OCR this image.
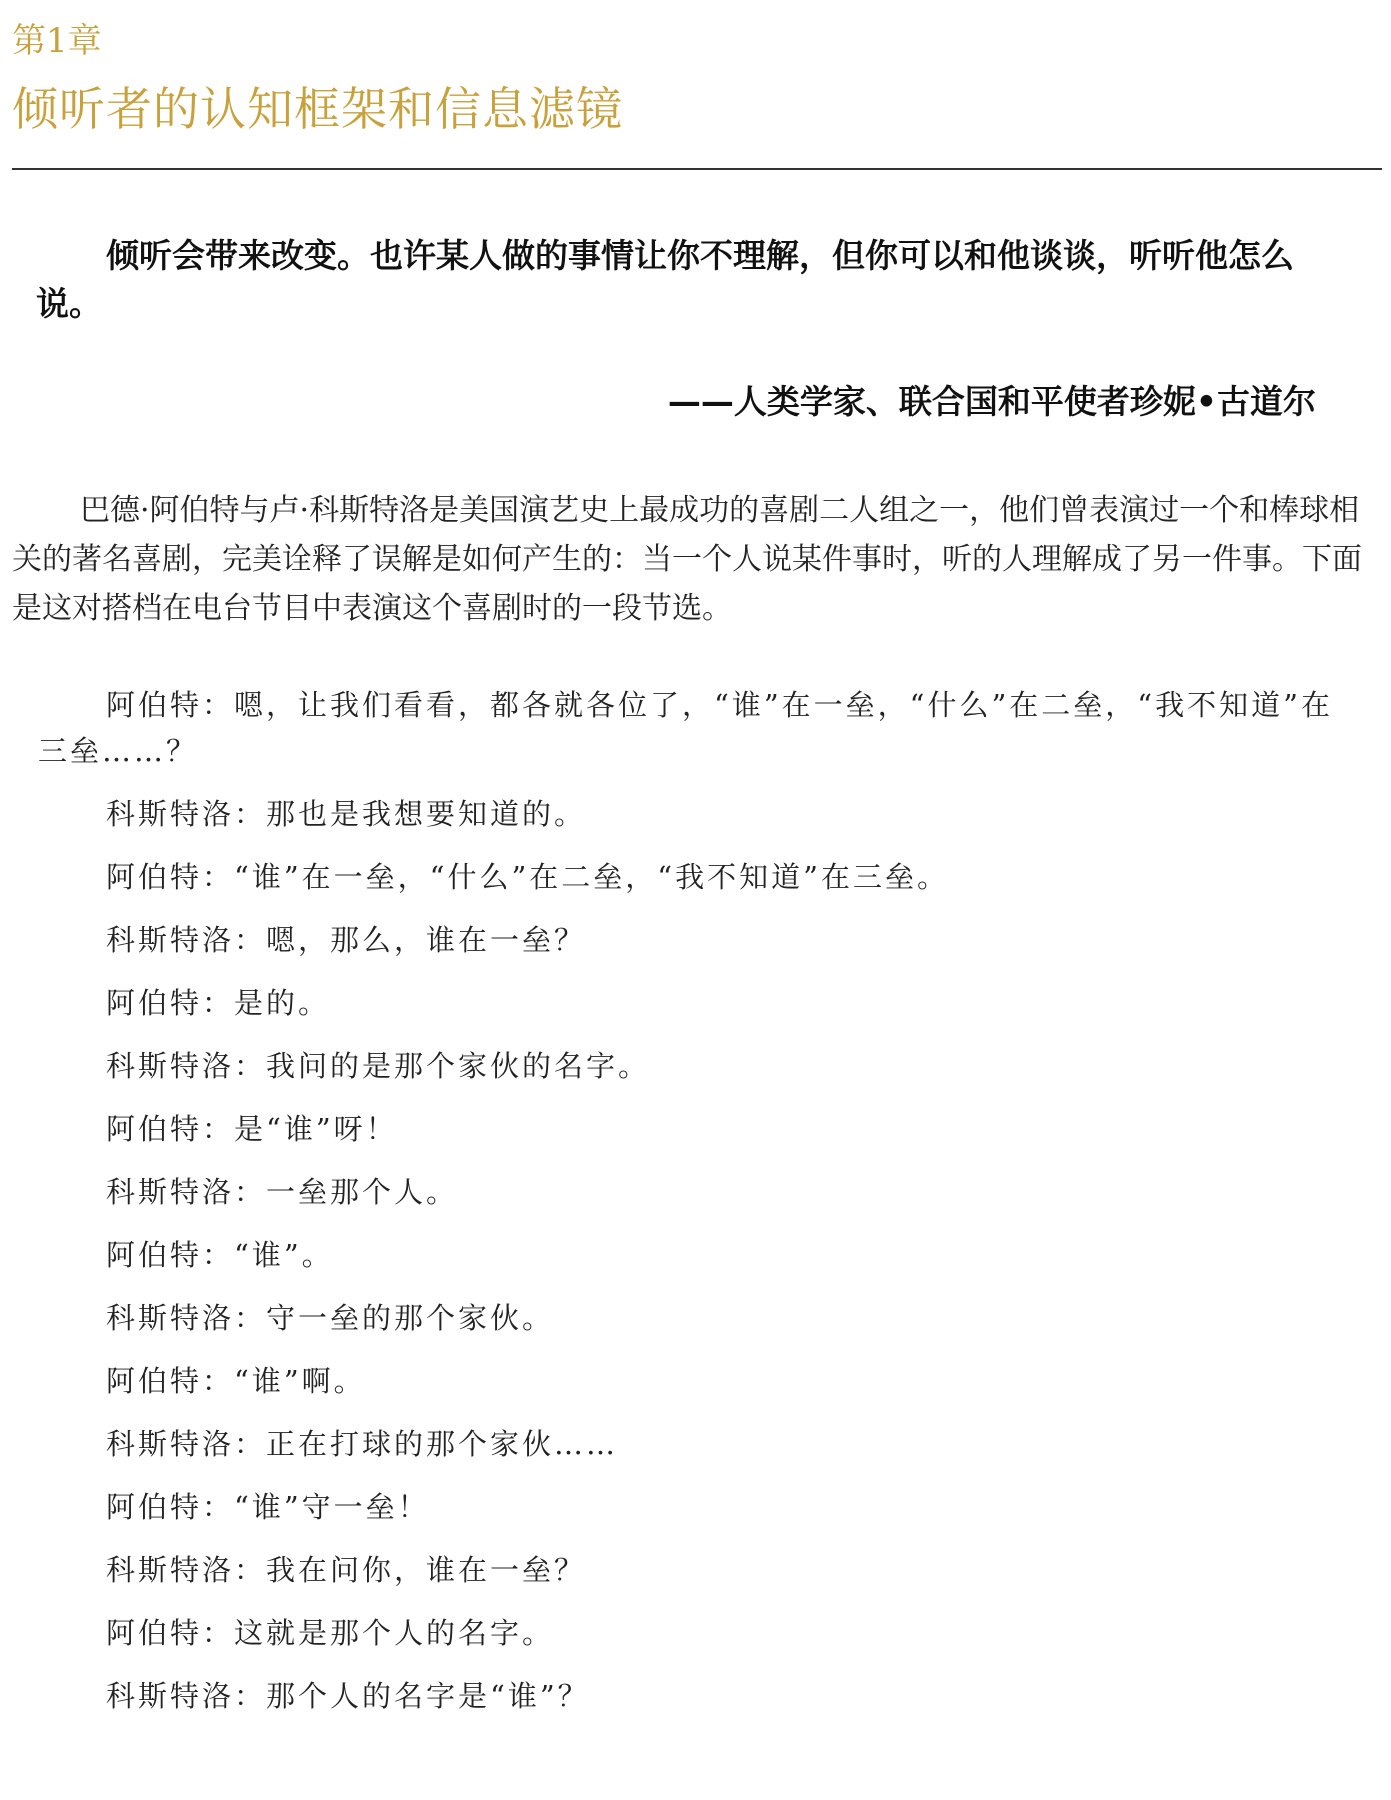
第1章

倾听者的认知框架和信息滤镜

倾听会带来改变。也许某人做的事情让你不理解，但你可以和他谈谈，听听他怎么说。

——人类学家、联合国和平使者珍妮•古道尔

巴德·阿伯特与卢·科斯特洛是美国演艺史上最成功的喜剧二人组之一，他们曾表演过一个和棒球相关的著名喜剧，完美诠释了误解是如何产生的：当一个人说某件事时，听的人理解成了另一件事。下面是这对搭档在电台节目中表演这个喜剧时的一段节选。

阿伯特：嗯，让我们看看，都各就各位了，“谁”在一垒，“什么”在二垒，“我不知道”在三垒……？
科斯特洛：那也是我想要知道的。
阿伯特：“谁”在一垒，“什么”在二垒，“我不知道”在三垒。
科斯特洛：嗯，那么，谁在一垒？
阿伯特：是的。
科斯特洛：我问的是那个家伙的名字。
阿伯特：是“谁”呀！
科斯特洛：一垒那个人。
阿伯特：“谁”。
科斯特洛：守一垒的那个家伙。
阿伯特：“谁”啊。
科斯特洛：正在打球的那个家伙……
阿伯特：“谁”守一垒！
科斯特洛：我在问你，谁在一垒？
阿伯特：这就是那个人的名字。
科斯特洛：那个人的名字是“谁”？
